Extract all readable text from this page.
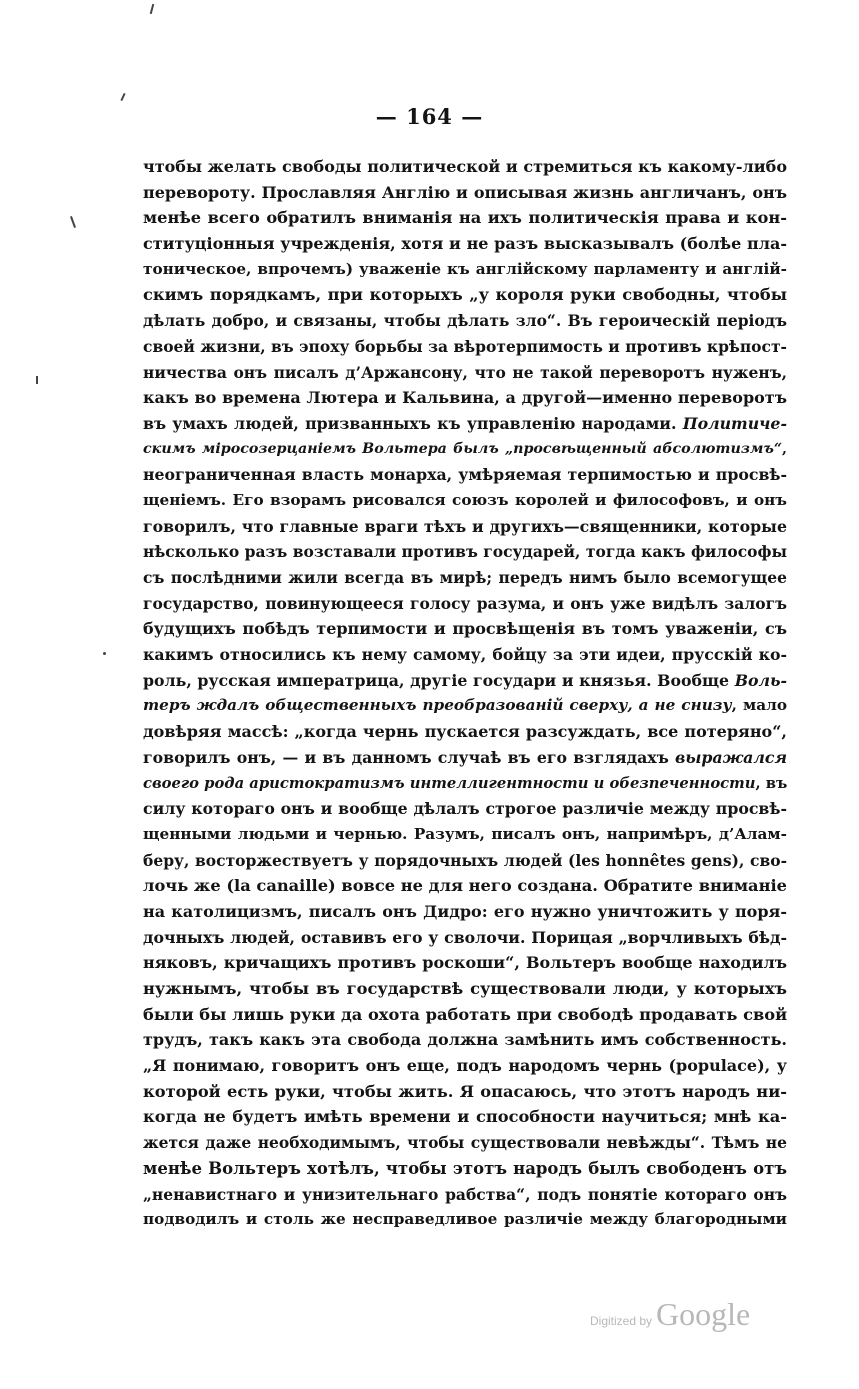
— 164 —
чтобы желать свободы политической и стремиться къ какому-либо
перевороту. Прославляя Англію и описывая жизнь англичанъ, онъ
менѣе всего обратилъ вниманія на ихъ политическія права и кон-
ституціонныя учрежденія, хотя и не разъ высказывалъ (болѣе пла-
тоническое, впрочемъ) уваженіе къ англійскому парламенту и англій-
скимъ порядкамъ, при которыхъ „у короля руки свободны, чтобы
дѣлать добро, и связаны, чтобы дѣлать зло“. Въ героическій періодъ
своей жизни, въ эпоху борьбы за вѣротерпимость и противъ крѣпост-
ничества онъ писалъ д’Аржансону, что не такой переворотъ нуженъ,
какъ во времена Лютера и Кальвина, а другой—именно переворотъ
въ умахъ людей, призванныхъ къ управленію народами. Политиче-
скимъ міросозерцаніемъ Вольтера былъ „просвѣщенный абсолютизмъ“,
неограниченная власть монарха, умѣряемая терпимостью и просвѣ-
щеніемъ. Его взорамъ рисовался союзъ королей и философовъ, и онъ
говорилъ, что главные враги тѣхъ и другихъ—священники, которые
нѣсколько разъ возставали противъ государей, тогда какъ философы
съ послѣдними жили всегда въ мирѣ; передъ нимъ было всемогущее
государство, повинующееся голосу разума, и онъ уже видѣлъ залогъ
будущихъ побѣдъ терпимости и просвѣщенія въ томъ уваженіи, съ
какимъ относились къ нему самому, бойцу за эти идеи, прусскій ко-
роль, русская императрица, другіе государи и князья. Вообще Воль-
теръ ждалъ общественныхъ преобразованій сверху, а не снизу, мало
довѣряя массѣ: „когда чернь пускается разсуждать, все потеряно“,
говорилъ онъ, — и въ данномъ случаѣ въ его взглядахъ выражался
своего рода аристократизмъ интеллигентности и обезпеченности, въ
силу котораго онъ и вообще дѣлалъ строгое различіе между просвѣ-
щенными людьми и чернью. Разумъ, писалъ онъ, напримѣръ, д’Алам-
беру, восторжествуетъ у порядочныхъ людей (les honnêtes gens), сво-
лочь же (la canaille) вовсе не для него создана. Обратите вниманіе
на католицизмъ, писалъ онъ Дидро: его нужно уничтожить у поря-
дочныхъ людей, оставивъ его у сволочи. Порицая „ворчливыхъ бѣд-
няковъ, кричащихъ противъ роскоши“, Вольтеръ вообще находилъ
нужнымъ, чтобы въ государствѣ существовали люди, у которыхъ
были бы лишь руки да охота работать при свободѣ продавать свой
трудъ, такъ какъ эта свобода должна замѣнить имъ собственность.
„Я понимаю, говоритъ онъ еще, подъ народомъ чернь (populace), у
которой есть руки, чтобы жить. Я опасаюсь, что этотъ народъ ни-
когда не будетъ имѣть времени и способности научиться; мнѣ ка-
жется даже необходимымъ, чтобы существовали невѣжды“. Тѣмъ не
менѣе Вольтеръ хотѣлъ, чтобы этотъ народъ былъ свободенъ отъ
„ненавистнаго и унизительнаго рабства“, подъ понятіе котораго онъ
подводилъ и столь же несправедливое различіе между благородными
Digitized by Google
